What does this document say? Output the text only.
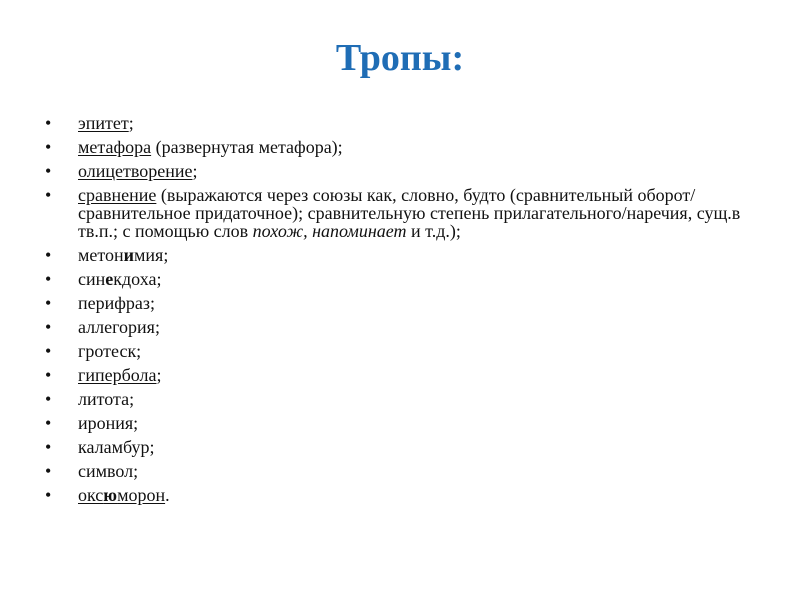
Тропы:
• эпитет;
• метафора (развернутая метафора);
• олицетворение;
• сравнение (выражаются через союзы как, словно, будто (сравнительный оборот/сравнительное придаточное); сравнительную степень прилагательного/наречия, сущ.в тв.п.; с помощью слов похож, напоминает и т.д.);
• метонимия;
• синекдоха;
• перифраз;
• аллегория;
• гротеск;
• гипербола;
• литота;
• ирония;
• каламбур;
• символ;
• оксюморон.
